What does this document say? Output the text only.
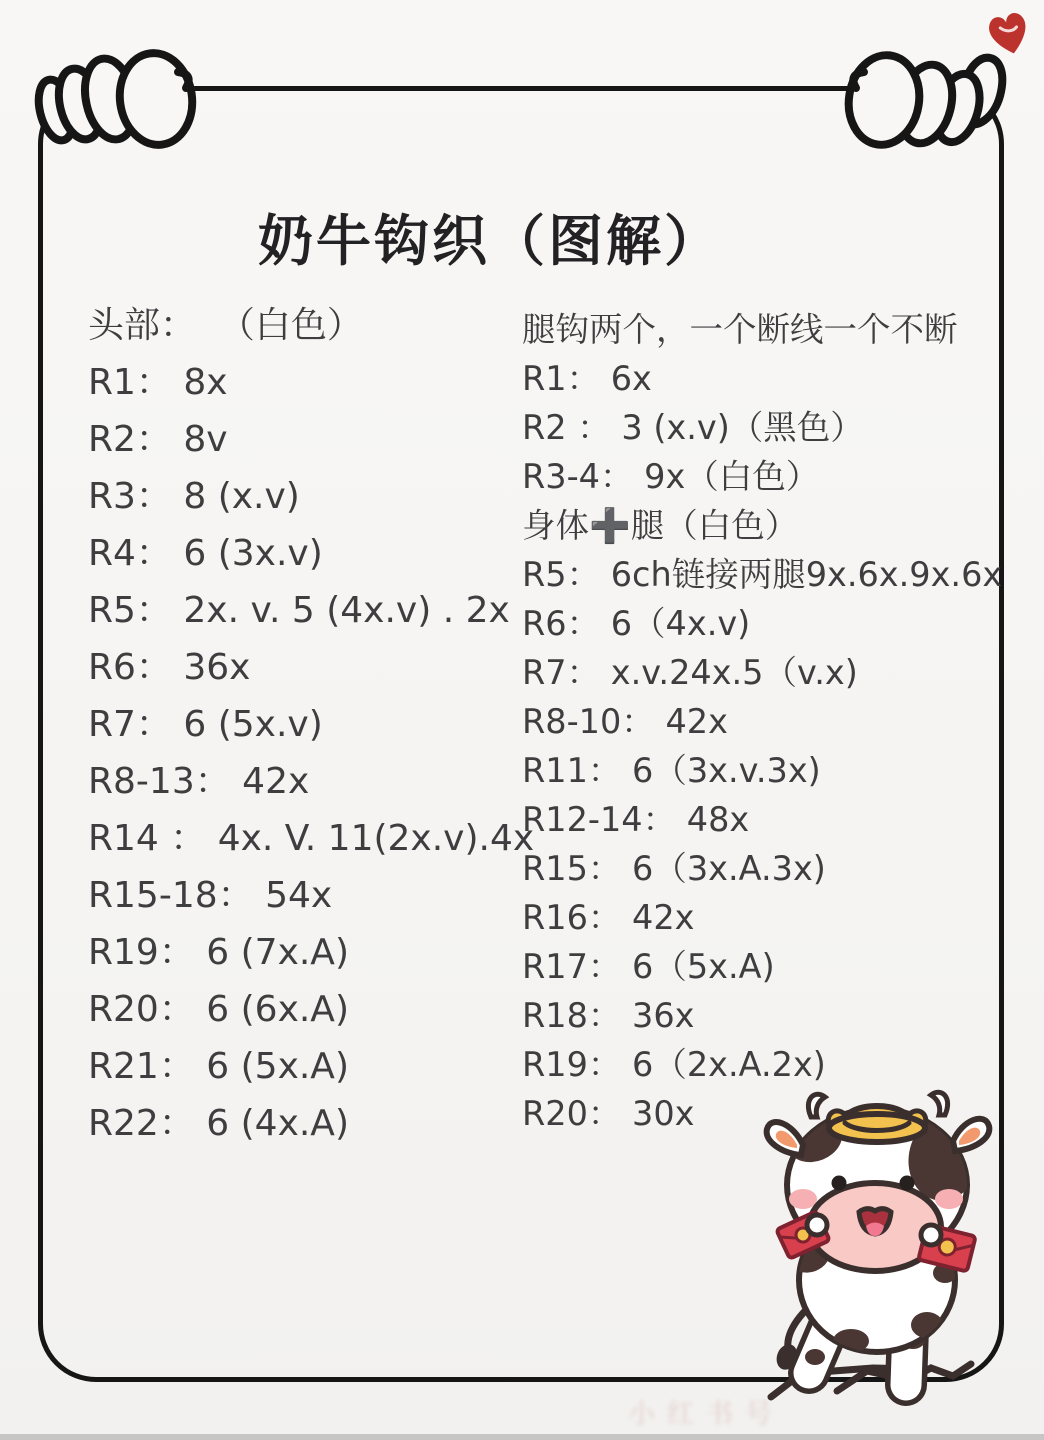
奶牛钩织（图解）
头部：  （白色）
R1： 8x
R2： 8v
R3： 8 (x.v)
R4： 6 (3x.v)
R5： 2x. v. 5 (4x.v) . 2x
R6： 36x
R7： 6 (5x.v)
R8-13： 42x
R14 ： 4x. V. 11(2x.v).4x
R15-18： 54x
R19： 6 (7x.A)
R20： 6 (6x.A)
R21： 6 (5x.A)
R22： 6 (4x.A)
腿钩两个，一个断线一个不断
R1： 6x
R2 ： 3 (x.v)（黑色）
R3-4： 9x（白色）
身体➕腿（白色）
R5： 6ch链接两腿9x.6x.9x.6x
R6： 6（4x.v)
R7： x.v.24x.5（v.x)
R8-10： 42x
R11： 6（3x.v.3x)
R12-14： 48x
R15： 6（3x.A.3x)
R16： 42x
R17： 6（5x.A)
R18： 36x
R19： 6（2x.A.2x)
R20： 30x
小红书号
